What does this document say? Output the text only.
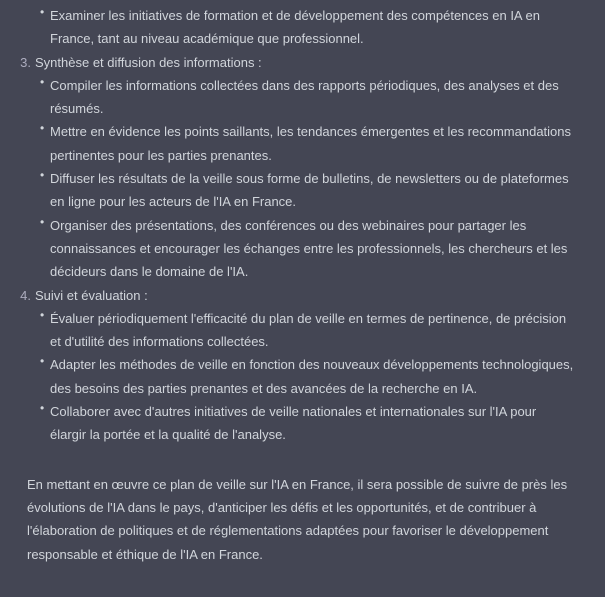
•
Examiner les initiatives de formation et de développement des compétences en IA en France, tant au niveau académique que professionnel.
3. Synthèse et diffusion des informations :
•
Compiler les informations collectées dans des rapports périodiques, des analyses et des résumés.
•
Mettre en évidence les points saillants, les tendances émergentes et les recommandations pertinentes pour les parties prenantes.
•
Diffuser les résultats de la veille sous forme de bulletins, de newsletters ou de plateformes en ligne pour les acteurs de l'IA en France.
•
Organiser des présentations, des conférences ou des webinaires pour partager les connaissances et encourager les échanges entre les professionnels, les chercheurs et les décideurs dans le domaine de l'IA.
4. Suivi et évaluation :
•
Évaluer périodiquement l'efficacité du plan de veille en termes de pertinence, de précision et d'utilité des informations collectées.
•
Adapter les méthodes de veille en fonction des nouveaux développements technologiques, des besoins des parties prenantes et des avancées de la recherche en IA.
•
Collaborer avec d'autres initiatives de veille nationales et internationales sur l'IA pour élargir la portée et la qualité de l'analyse.

En mettant en œuvre ce plan de veille sur l'IA en France, il sera possible de suivre de près les évolutions de l'IA dans le pays, d'anticiper les défis et les opportunités, et de contribuer à l'élaboration de politiques et de réglementations adaptées pour favoriser le développement responsable et éthique de l'IA en France.
